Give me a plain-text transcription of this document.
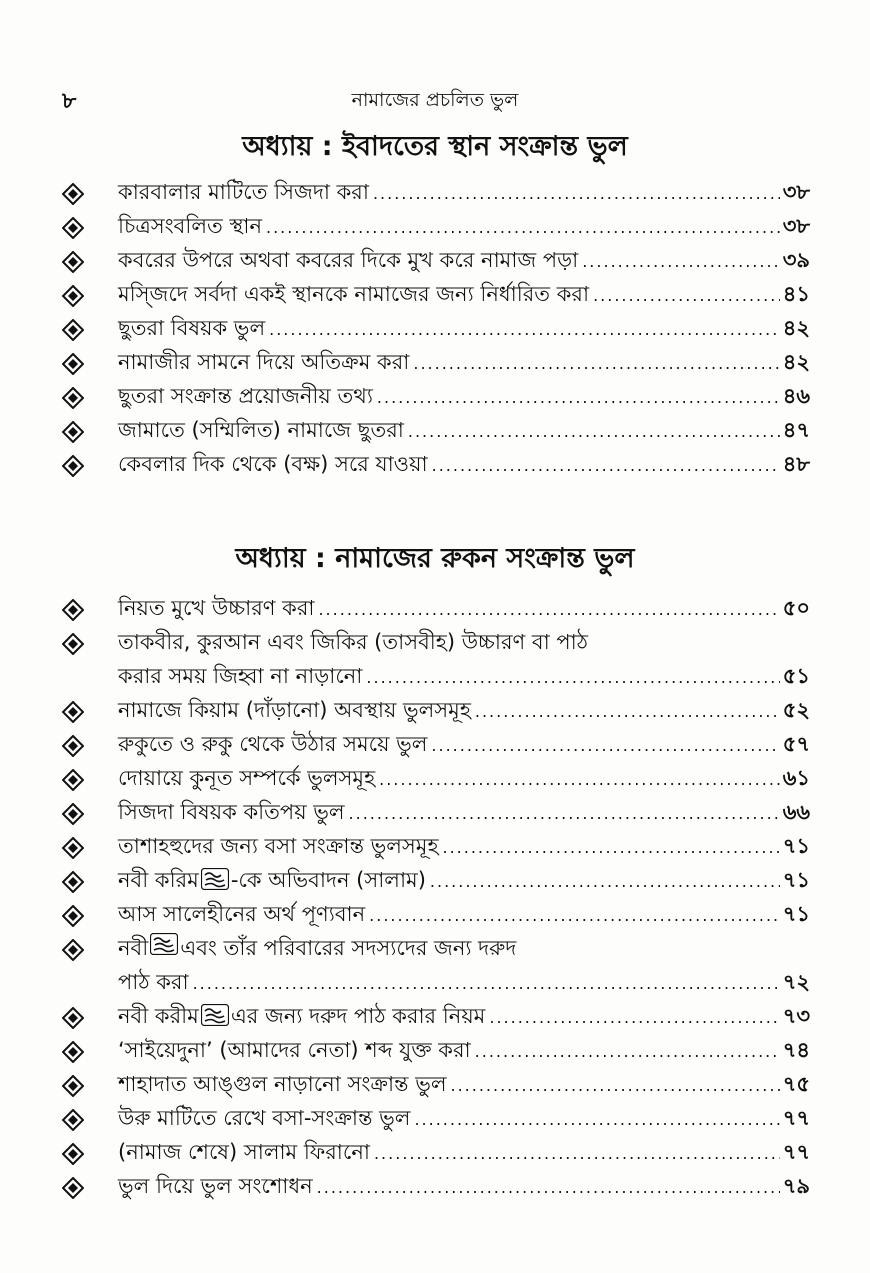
৮	নামাজের প্রচলিত ভুল
অধ্যায় : ইবাদতের স্থান সংক্রান্ত ভুল
কারবালার মাটিতে সিজদা করা .....	৩৮
চিত্রসংবলিত স্থান .....	৩৮
কবরের উপরে অথবা কবরের দিকে মুখ করে নামাজ পড়া .....	৩৯
মস্জিদে সর্বদা একই স্থানকে নামাজের জন্য নির্ধারিত করা .....	৪১
ছুতরা বিষয়ক ভুল .....	৪২
নামাজীর সামনে দিয়ে অতিক্রম করা .....	৪২
ছুতরা সংক্রান্ত প্রয়োজনীয় তথ্য .....	৪৬
জামাতে (সম্মিলিত) নামাজে ছুতরা .....	৪৭
কেবলার দিক থেকে (বক্ষ) সরে যাওয়া .....	৪৮
অধ্যায় : নামাজের রুকন সংক্রান্ত ভুল
নিয়ত মুখে উচ্চারণ করা .....	৫০
তাকবীর, কুরআন এবং জিকির (তাসবীহ) উচ্চারণ বা পাঠ
করার সময় জিহ্বা না নাড়ানো .....	৫১
নামাজে কিয়াম (দাঁড়ানো) অবস্থায় ভুলসমূহ .....	৫২
রুকুতে ও রুকু থেকে উঠার সময়ে ভুল .....	৫৭
দোয়ায়ে কুনূত সম্পর্কে ভুলসমূহ .....	৬১
সিজদা বিষয়ক কতিপয় ভুল .....	৬৬
তাশাহহুদের জন্য বসা সংক্রান্ত ভুলসমূহ .....	৭১
নবী করিম -কে অভিবাদন (সালাম) .....	৭১
আস সালেহীনের অর্থ পূণ্যবান .....	৭১
নবী এবং তাঁর পরিবারের সদস্যদের জন্য দরুদ
পাঠ করা .....	৭২
নবী করীম এর জন্য দরুদ পাঠ করার নিয়ম .....	৭৩
‘সাইয়েদুনা’ (আমাদের নেতা) শব্দ যুক্ত করা .....	৭৪
শাহাদাত আঙ্গুল নাড়ানো সংক্রান্ত ভুল .....	৭৫
উরু মাটিতে রেখে বসা-সংক্রান্ত ভুল .....	৭৭
(নামাজ শেষে) সালাম ফিরানো .....	৭৭
ভুল দিয়ে ভুল সংশোধন .....	৭৯
